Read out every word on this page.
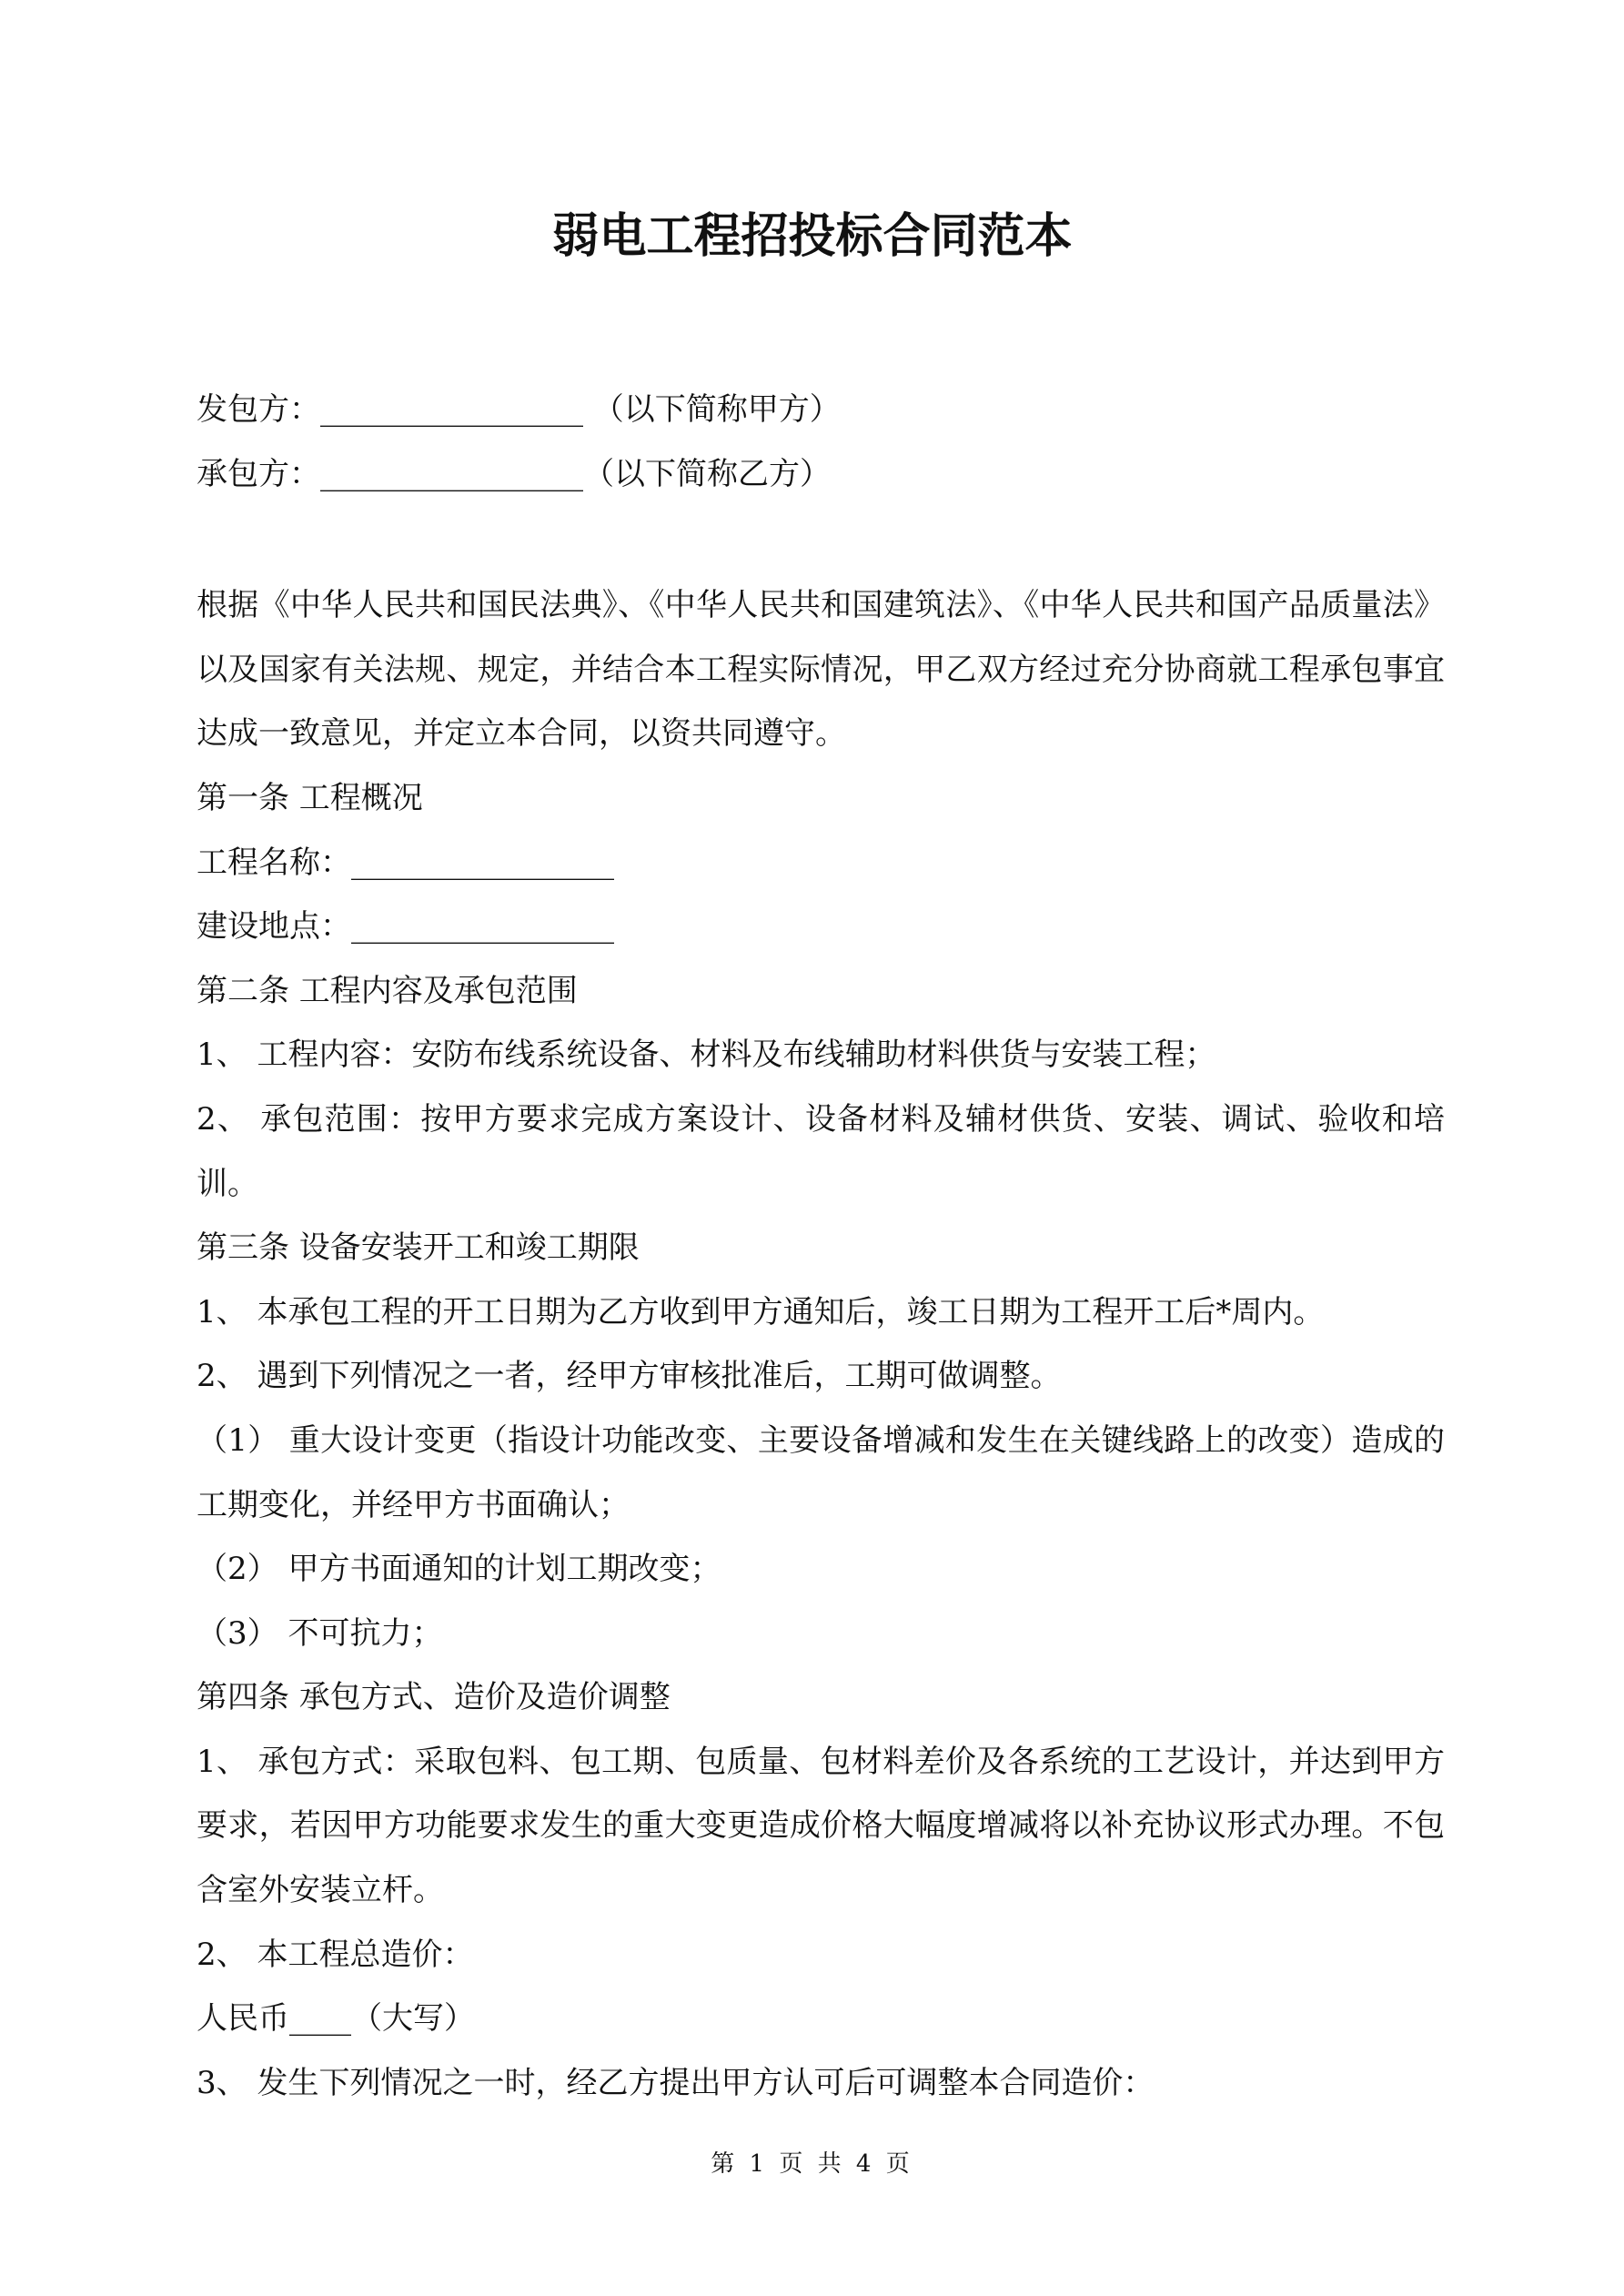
弱电工程招投标合同范本

发包方：_________________ （以下简称甲方）

承包方：_________________（以下简称乙方）

根据《中华人民共和国民法典》、《中华人民共和国建筑法》、《中华人民共和国产品质量法》以及国家有关法规、规定，并结合本工程实际情况，甲乙双方经过充分协商就工程承包事宜达成一致意见，并定立本合同，以资共同遵守。

第一条 工程概况

工程名称：_________________

建设地点：_________________

第二条 工程内容及承包范围

1、 工程内容：安防布线系统设备、材料及布线辅助材料供货与安装工程；

2、 承包范围：按甲方要求完成方案设计、设备材料及辅材供货、安装、调试、验收和培训。

第三条 设备安装开工和竣工期限

1、 本承包工程的开工日期为乙方收到甲方通知后，竣工日期为工程开工后*周内。

2、 遇到下列情况之一者，经甲方审核批准后，工期可做调整。

（1） 重大设计变更（指设计功能改变、主要设备增减和发生在关键线路上的改变）造成的工期变化，并经甲方书面确认；

（2） 甲方书面通知的计划工期改变；

（3） 不可抗力；

第四条 承包方式、造价及造价调整

1、 承包方式：采取包料、包工期、包质量、包材料差价及各系统的工艺设计，并达到甲方要求，若因甲方功能要求发生的重大变更造成价格大幅度增减将以补充协议形式办理。不包含室外安装立杆。

2、 本工程总造价：

人民币____（大写）

3、 发生下列情况之一时，经乙方提出甲方认可后可调整本合同造价：

第 1 页 共 4 页
